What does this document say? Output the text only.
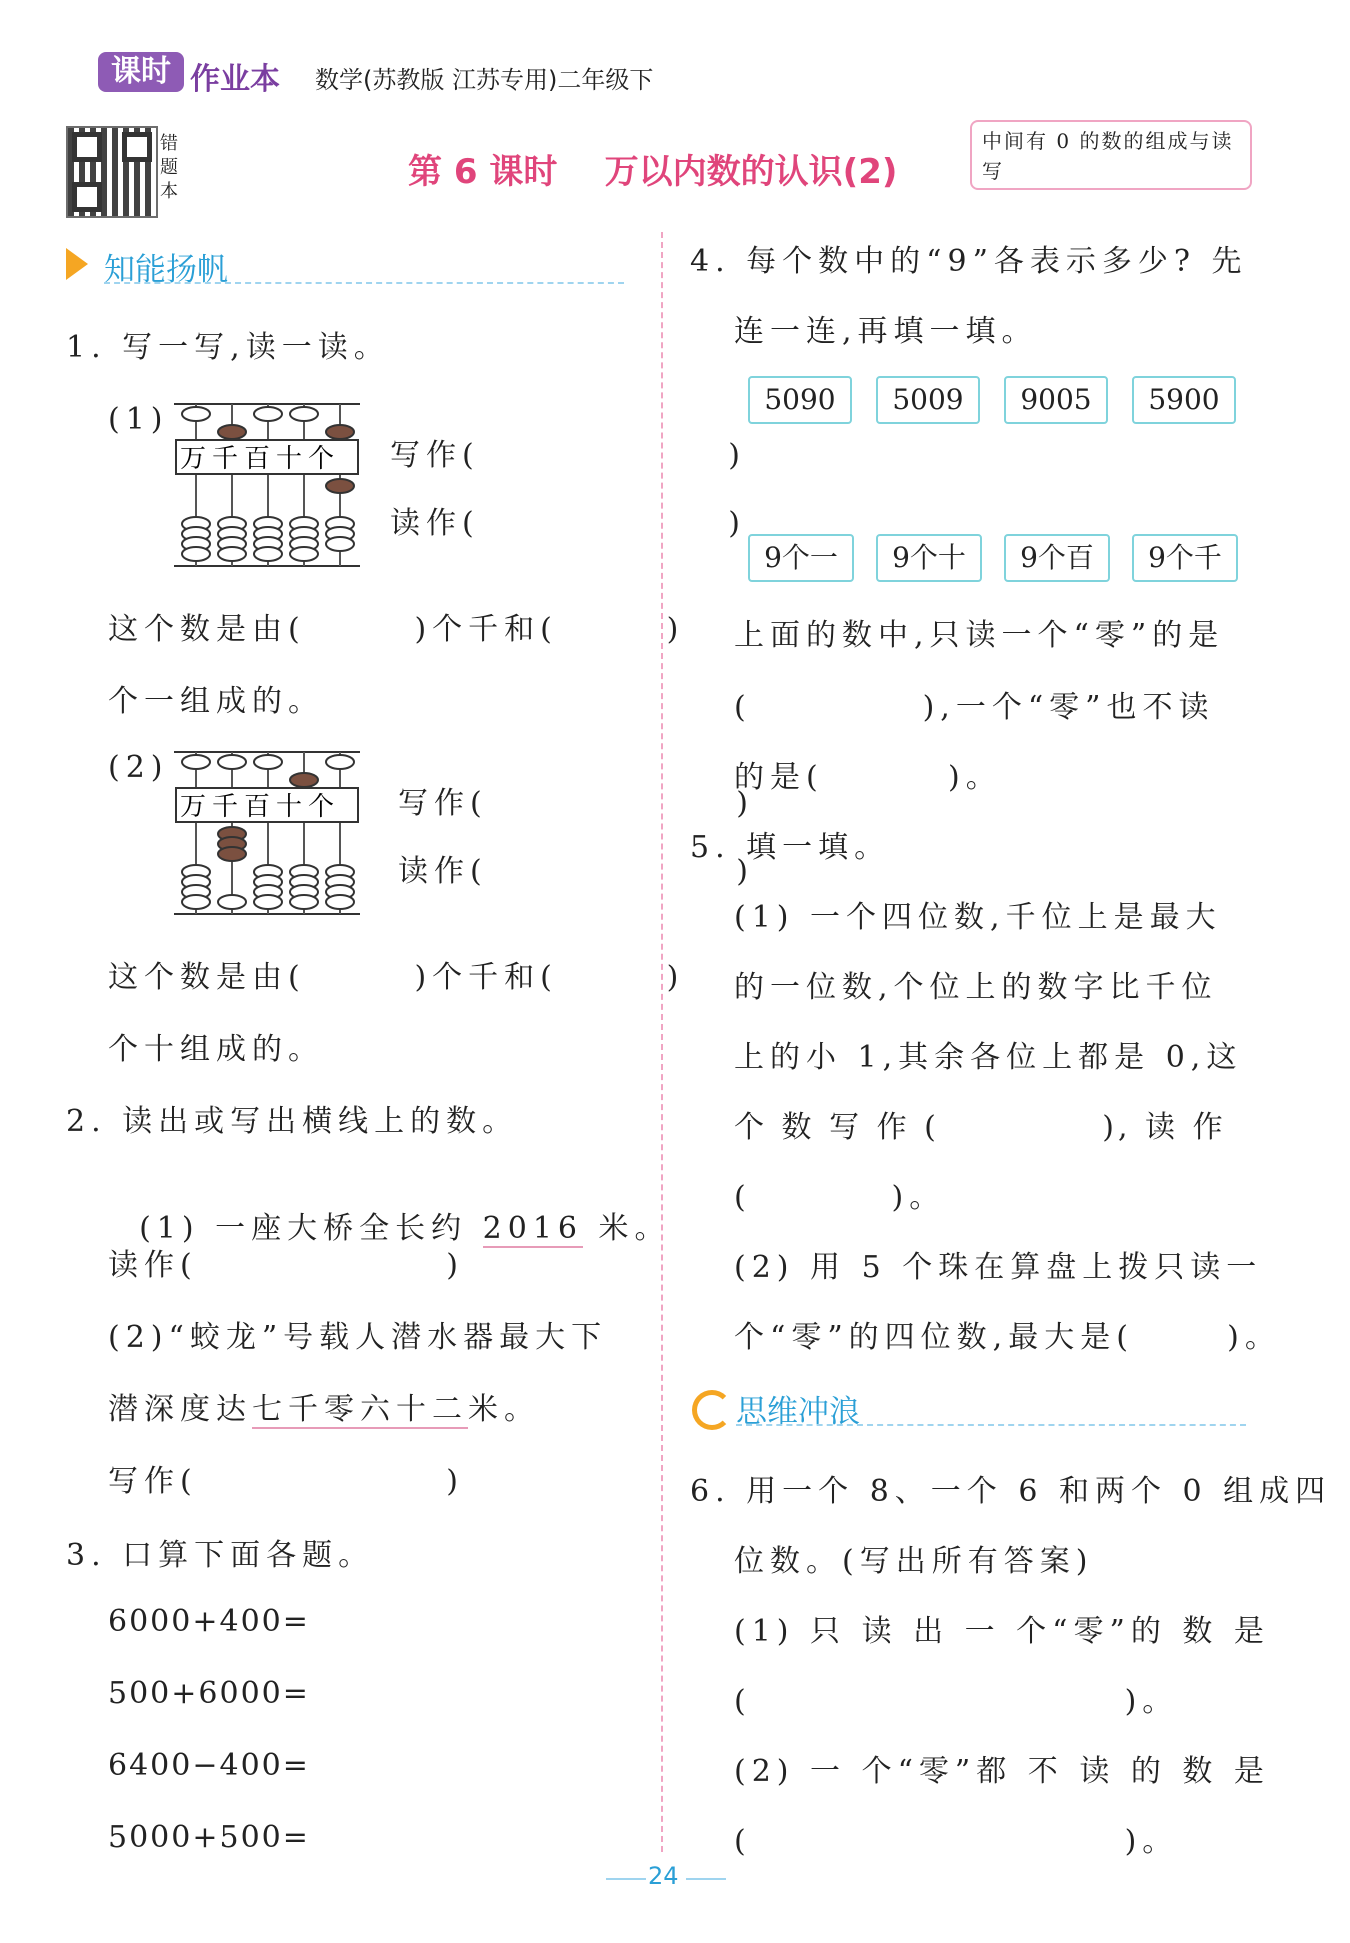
课时 作业本 数学(苏教版 江苏专用)二年级下
错题本	第 6 课时    万以内数的认识(2)
中间有 0 的数的组成与读写
知能扬帆
1. 写一写,读一读。
(1)
万千百十个 写作(                )
读作(                )
这个数是由(       )个千和(       )
个一组成的。
(2)
万千百十个 写作(                )
读作(                )
这个数是由(       )个千和(       )
个十组成的。
2. 读出或写出横线上的数。

(1) 一座大桥全长约 2016 米。

读作(                )
(2)“蛟龙”号载人潜水器最大下
潜深度达七千零六十二米。
写作(                )
3. 口算下面各题。
6000+400=
500+6000=
6400−400=
5000+500=
4. 每个数中的“9”各表示多少? 先
连一连,再填一填。
5090	5009	9005	5900
9个一	9个十	9个百	9个千
上面的数中,只读一个“零”的是
(           ),一个“零”也不读
的是(        )。
5. 填一填。
(1) 一个四位数,千位上是最大
的一位数,个位上的数字比千位
上的小 1,其余各位上都是 0,这
个 数 写 作 (            ), 读 作
(         )。
(2) 用 5 个珠在算盘上拨只读一
个“零”的四位数,最大是(      )。
思维冲浪
6. 用一个 8、一个 6 和两个 0 组成四
位数。(写出所有答案)
(1) 只 读 出 一 个“零”的 数 是
(                        )。
(2) 一 个“零”都 不 读 的 数 是
(                        )。
24
